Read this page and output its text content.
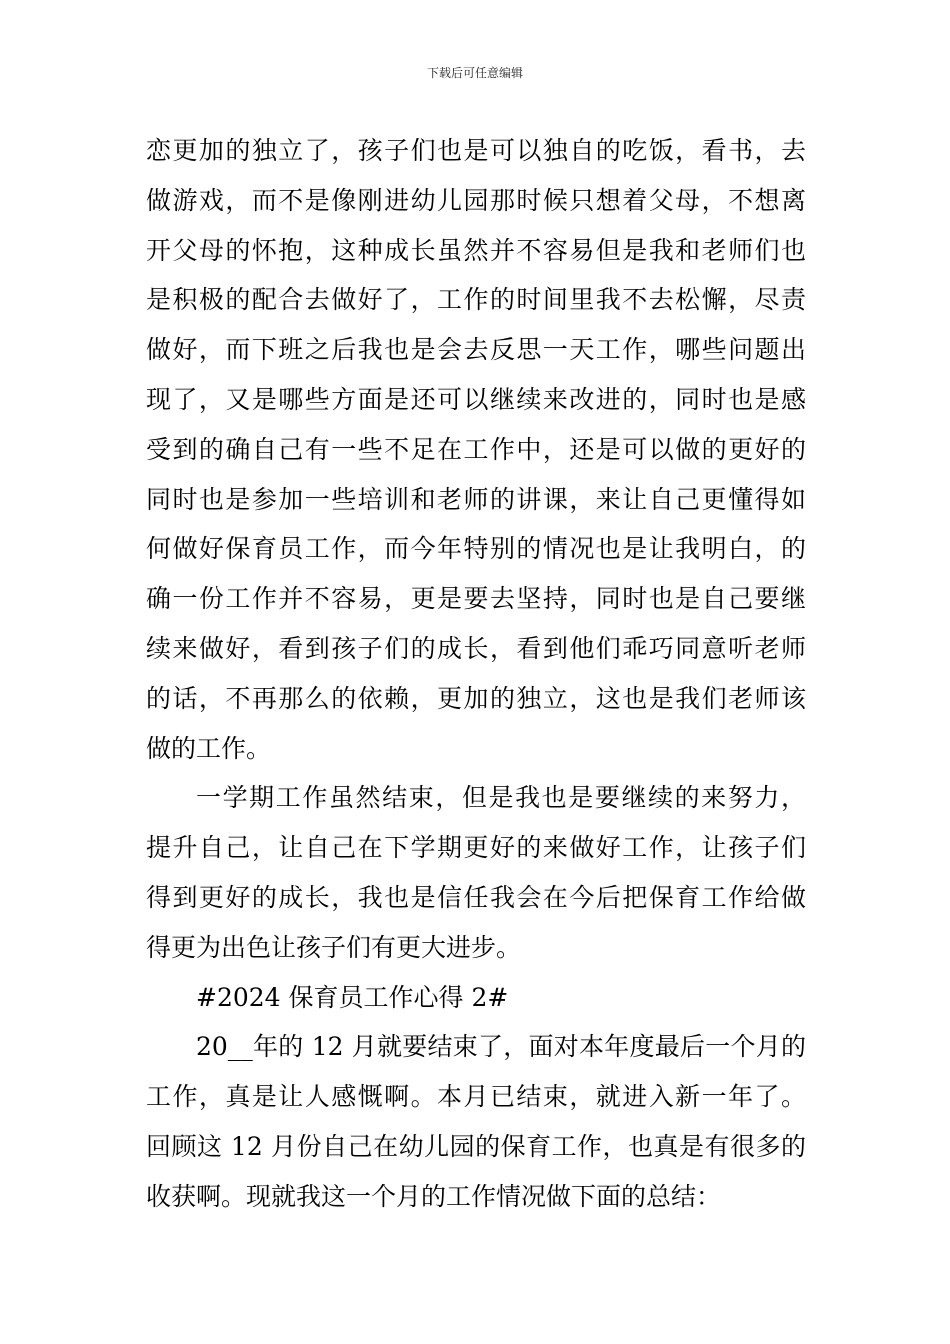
下载后可任意编辑
恋更加的独立了，孩子们也是可以独自的吃饭，看书，去
做游戏，而不是像刚进幼儿园那时候只想着父母，不想离
开父母的怀抱，这种成长虽然并不容易但是我和老师们也
是积极的配合去做好了，工作的时间里我不去松懈，尽责
做好，而下班之后我也是会去反思一天工作，哪些问题出
现了，又是哪些方面是还可以继续来改进的，同时也是感
受到的确自己有一些不足在工作中，还是可以做的更好的
同时也是参加一些培训和老师的讲课，来让自己更懂得如
何做好保育员工作，而今年特别的情况也是让我明白，的
确一份工作并不容易，更是要去坚持，同时也是自己要继
续来做好，看到孩子们的成长，看到他们乖巧同意听老师
的话，不再那么的依赖，更加的独立，这也是我们老师该
做的工作。
一学期工作虽然结束，但是我也是要继续的来努力，
提升自己，让自己在下学期更好的来做好工作，让孩子们
得到更好的成长，我也是信任我会在今后把保育工作给做
得更为出色让孩子们有更大进步。
#2024 保育员工作心得 2#
20__年的 12 月就要结束了，面对本年度最后一个月的
工作，真是让人感慨啊。本月已结束，就进入新一年了。
回顾这 12 月份自己在幼儿园的保育工作，也真是有很多的
收获啊。现就我这一个月的工作情况做下面的总结：
